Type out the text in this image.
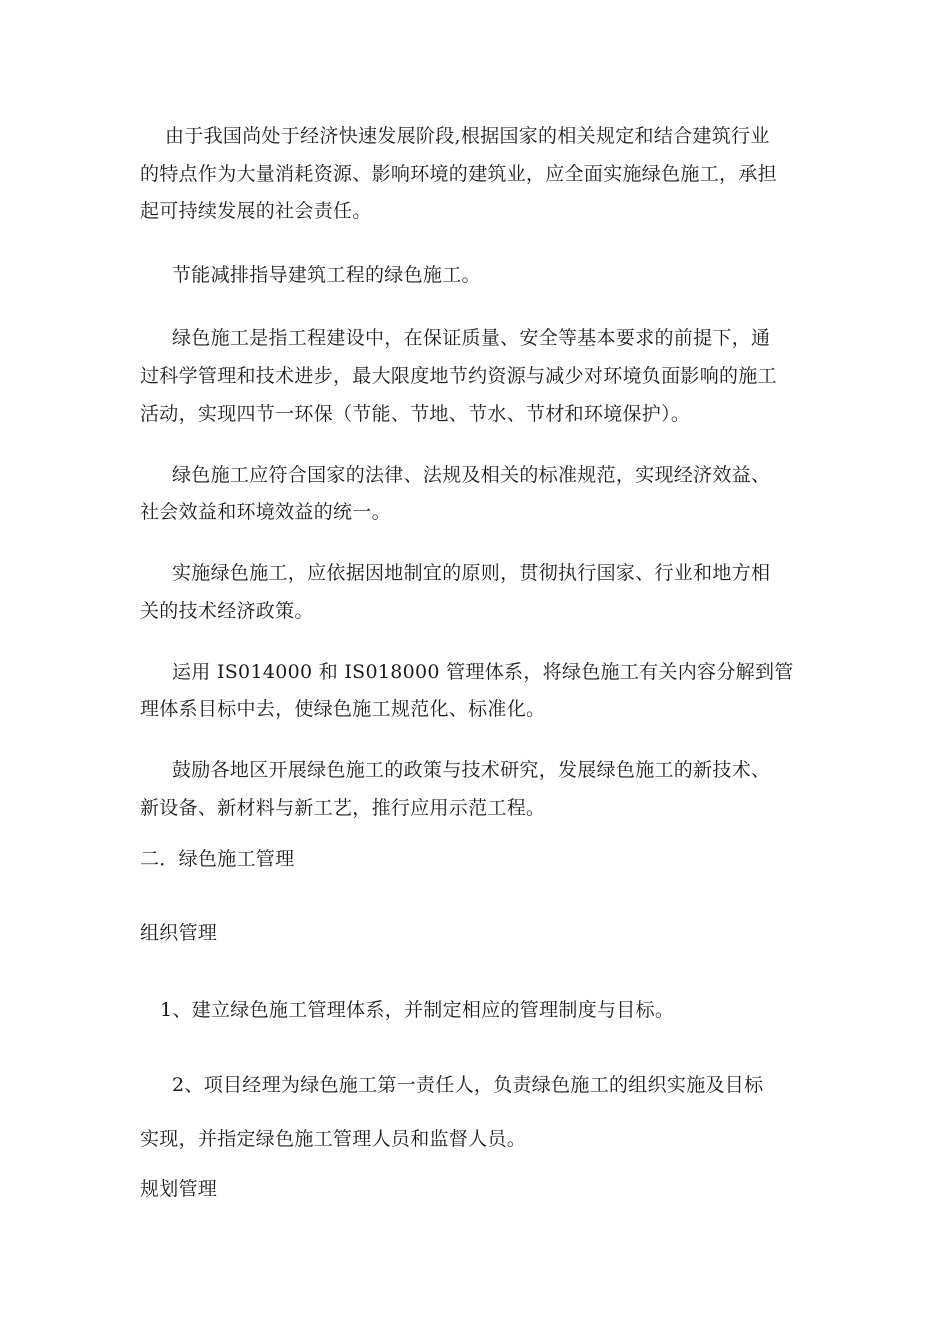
由于我国尚处于经济快速发展阶段,根据国家的相关规定和结合建筑行业
的特点作为大量消耗资源、影响环境的建筑业，应全面实施绿色施工，承担
起可持续发展的社会责任。
节能减排指导建筑工程的绿色施工。
绿色施工是指工程建设中，在保证质量、安全等基本要求的前提下，通
过科学管理和技术进步，最大限度地节约资源与减少对环境负面影响的施工
活动，实现四节一环保（节能、节地、节水、节材和环境保护）。
绿色施工应符合国家的法律、法规及相关的标准规范，实现经济效益、
社会效益和环境效益的统一。
实施绿色施工，应依据因地制宜的原则，贯彻执行国家、行业和地方相
关的技术经济政策。
运用 IS014000 和 IS018000 管理体系，将绿色施工有关内容分解到管
理体系目标中去，使绿色施工规范化、标准化。
鼓励各地区开展绿色施工的政策与技术研究，发展绿色施工的新技术、
新设备、新材料与新工艺，推行应用示范工程。
二．绿色施工管理
组织管理
1、建立绿色施工管理体系，并制定相应的管理制度与目标。
2、项目经理为绿色施工第一责任人，负责绿色施工的组织实施及目标
实现，并指定绿色施工管理人员和监督人员。
规划管理
